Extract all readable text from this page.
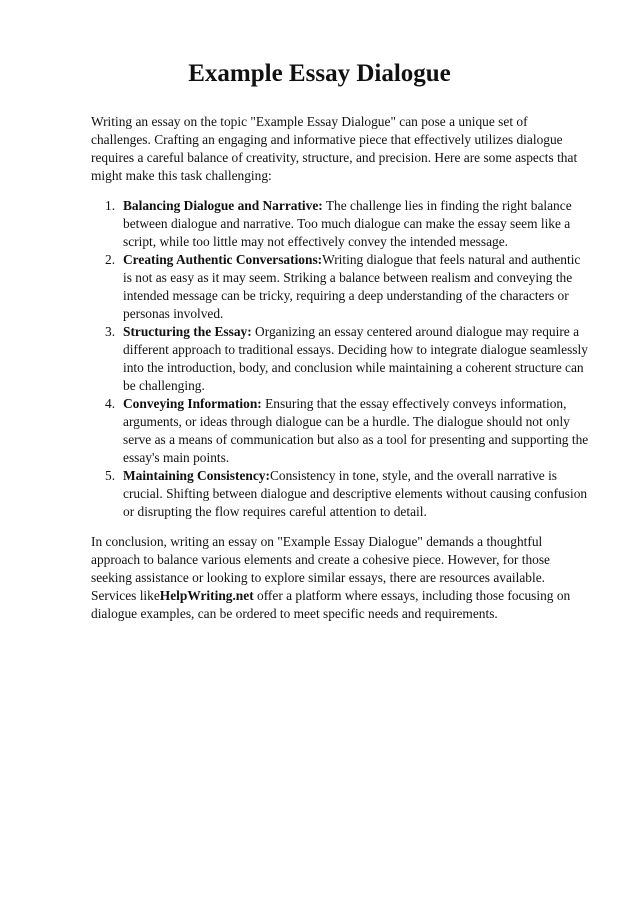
Example Essay Dialogue

Writing an essay on the topic "Example Essay Dialogue" can pose a unique set of challenges. Crafting an engaging and informative piece that effectively utilizes dialogue requires a careful balance of creativity, structure, and precision. Here are some aspects that might make this task challenging:

1. Balancing Dialogue and Narrative: The challenge lies in finding the right balance between dialogue and narrative. Too much dialogue can make the essay seem like a script, while too little may not effectively convey the intended message.
2. Creating Authentic Conversations:Writing dialogue that feels natural and authentic is not as easy as it may seem. Striking a balance between realism and conveying the intended message can be tricky, requiring a deep understanding of the characters or personas involved.
3. Structuring the Essay: Organizing an essay centered around dialogue may require a different approach to traditional essays. Deciding how to integrate dialogue seamlessly into the introduction, body, and conclusion while maintaining a coherent structure can be challenging.
4. Conveying Information: Ensuring that the essay effectively conveys information, arguments, or ideas through dialogue can be a hurdle. The dialogue should not only serve as a means of communication but also as a tool for presenting and supporting the essay's main points.
5. Maintaining Consistency:Consistency in tone, style, and the overall narrative is crucial. Shifting between dialogue and descriptive elements without causing confusion or disrupting the flow requires careful attention to detail.

In conclusion, writing an essay on "Example Essay Dialogue" demands a thoughtful approach to balance various elements and create a cohesive piece. However, for those seeking assistance or looking to explore similar essays, there are resources available. Services likeHelpWriting.net offer a platform where essays, including those focusing on dialogue examples, can be ordered to meet specific needs and requirements.
